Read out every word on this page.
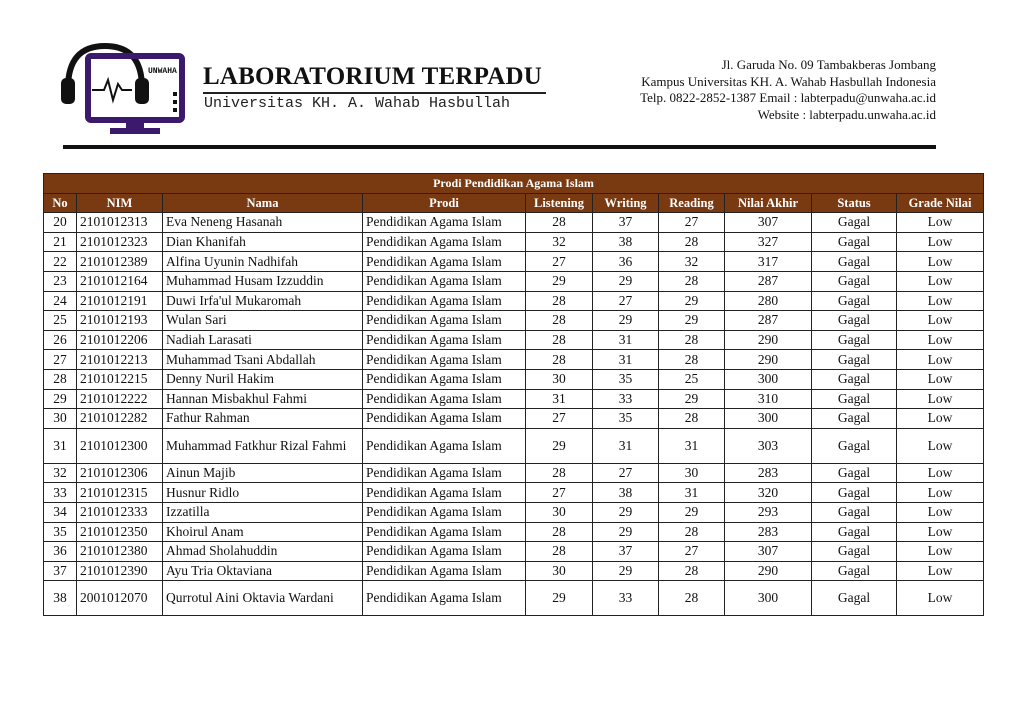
UNWAHA LABORATORIUM TERPADU
Universitas KH. A. Wahab Hasbullah
Jl. Garuda No. 09 Tambakberas Jombang
Kampus Universitas KH. A. Wahab Hasbullah Indonesia
Telp. 0822-2852-1387 Email : labterpadu@unwaha.ac.id
Website : labterpadu.unwaha.ac.id
Prodi Pendidikan Agama Islam									
No	NIM	Nama	Prodi	Listening	Writing	Reading	Nilai Akhir	Status	Grade Nilai
20	2101012313	Eva Neneng Hasanah	Pendidikan Agama Islam	28	37	27	307	Gagal	Low
21	2101012323	Dian Khanifah	Pendidikan Agama Islam	32	38	28	327	Gagal	Low
22	2101012389	Alfina Uyunin Nadhifah	Pendidikan Agama Islam	27	36	32	317	Gagal	Low
23	2101012164	Muhammad Husam Izzuddin	Pendidikan Agama Islam	29	29	28	287	Gagal	Low
24	2101012191	Duwi Irfa'ul Mukaromah	Pendidikan Agama Islam	28	27	29	280	Gagal	Low
25	2101012193	Wulan Sari	Pendidikan Agama Islam	28	29	29	287	Gagal	Low
26	2101012206	Nadiah Larasati	Pendidikan Agama Islam	28	31	28	290	Gagal	Low
27	2101012213	Muhammad Tsani Abdallah	Pendidikan Agama Islam	28	31	28	290	Gagal	Low
28	2101012215	Denny Nuril Hakim	Pendidikan Agama Islam	30	35	25	300	Gagal	Low
29	2101012222	Hannan Misbakhul Fahmi	Pendidikan Agama Islam	31	33	29	310	Gagal	Low
30	2101012282	Fathur Rahman	Pendidikan Agama Islam	27	35	28	300	Gagal	Low
31	2101012300	Muhammad Fatkhur Rizal Fahmi	Pendidikan Agama Islam	29	31	31	303	Gagal	Low
32	2101012306	Ainun Majib	Pendidikan Agama Islam	28	27	30	283	Gagal	Low
33	2101012315	Husnur Ridlo	Pendidikan Agama Islam	27	38	31	320	Gagal	Low
34	2101012333	Izzatilla	Pendidikan Agama Islam	30	29	29	293	Gagal	Low
35	2101012350	Khoirul Anam	Pendidikan Agama Islam	28	29	28	283	Gagal	Low
36	2101012380	Ahmad Sholahuddin	Pendidikan Agama Islam	28	37	27	307	Gagal	Low
37	2101012390	Ayu Tria Oktaviana	Pendidikan Agama Islam	30	29	28	290	Gagal	Low
38	2001012070	Qurrotul Aini Oktavia Wardani	Pendidikan Agama Islam	29	33	28	300	Gagal	Low
